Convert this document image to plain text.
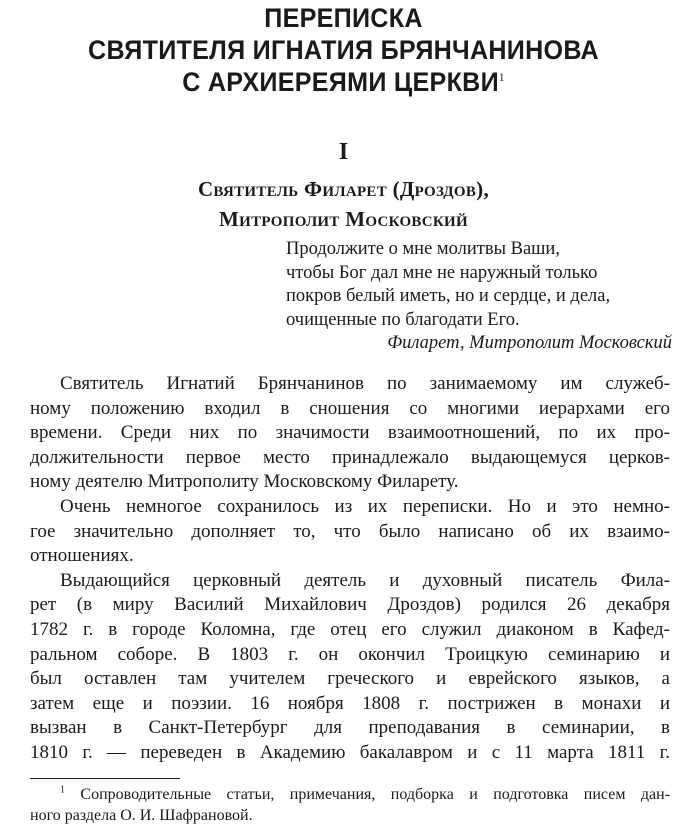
ПЕРЕПИСКА
СВЯТИТЕЛЯ ИГНАТИЯ БРЯНЧАНИНОВА
С АРХИЕРЕЯМИ ЦЕРКВИ$^1$
I
Святитель Филарет (Дроздов),
Митрополит Московский
Продолжите о мне молитвы Ваши,
чтобы Бог дал мне не наружный только
покров белый иметь, но и сердце, и дела,
очищенные по благодати Его.
Филарет, Митрополит Московский
Святитель Игнатий Брянчанинов по занимаемому им служеб-
ному положению входил в сношения со многими иерархами его
времени. Среди них по значимости взаимоотношений, по их про-
должительности первое место принадлежало выдающемуся церков-
ному деятелю Митрополиту Московскому Филарету.
Очень немногое сохранилось из их переписки. Но и это немно-
гое значительно дополняет то, что было написано об их взаимо-
отношениях.
Выдающийся церковный деятель и духовный писатель Фила-
рет (в миру Василий Михайлович Дроздов) родился 26 декабря
1782 г. в городе Коломна, где отец его служил диаконом в Кафед-
ральном соборе. В 1803 г. он окончил Троицкую семинарию и
был оставлен там учителем греческого и еврейского языков, а
затем еще и поэзии. 16 ноября 1808 г. пострижен в монахи и
вызван в Санкт-Петербург для преподавания в семинарии, в
1810 г. — переведен в Академию бакалавром и с 11 марта 1811 г.
$^1$ Сопроводительные статьи, примечания, подборка и подготовка писем дан-
ного раздела О. И. Шафрановой.
